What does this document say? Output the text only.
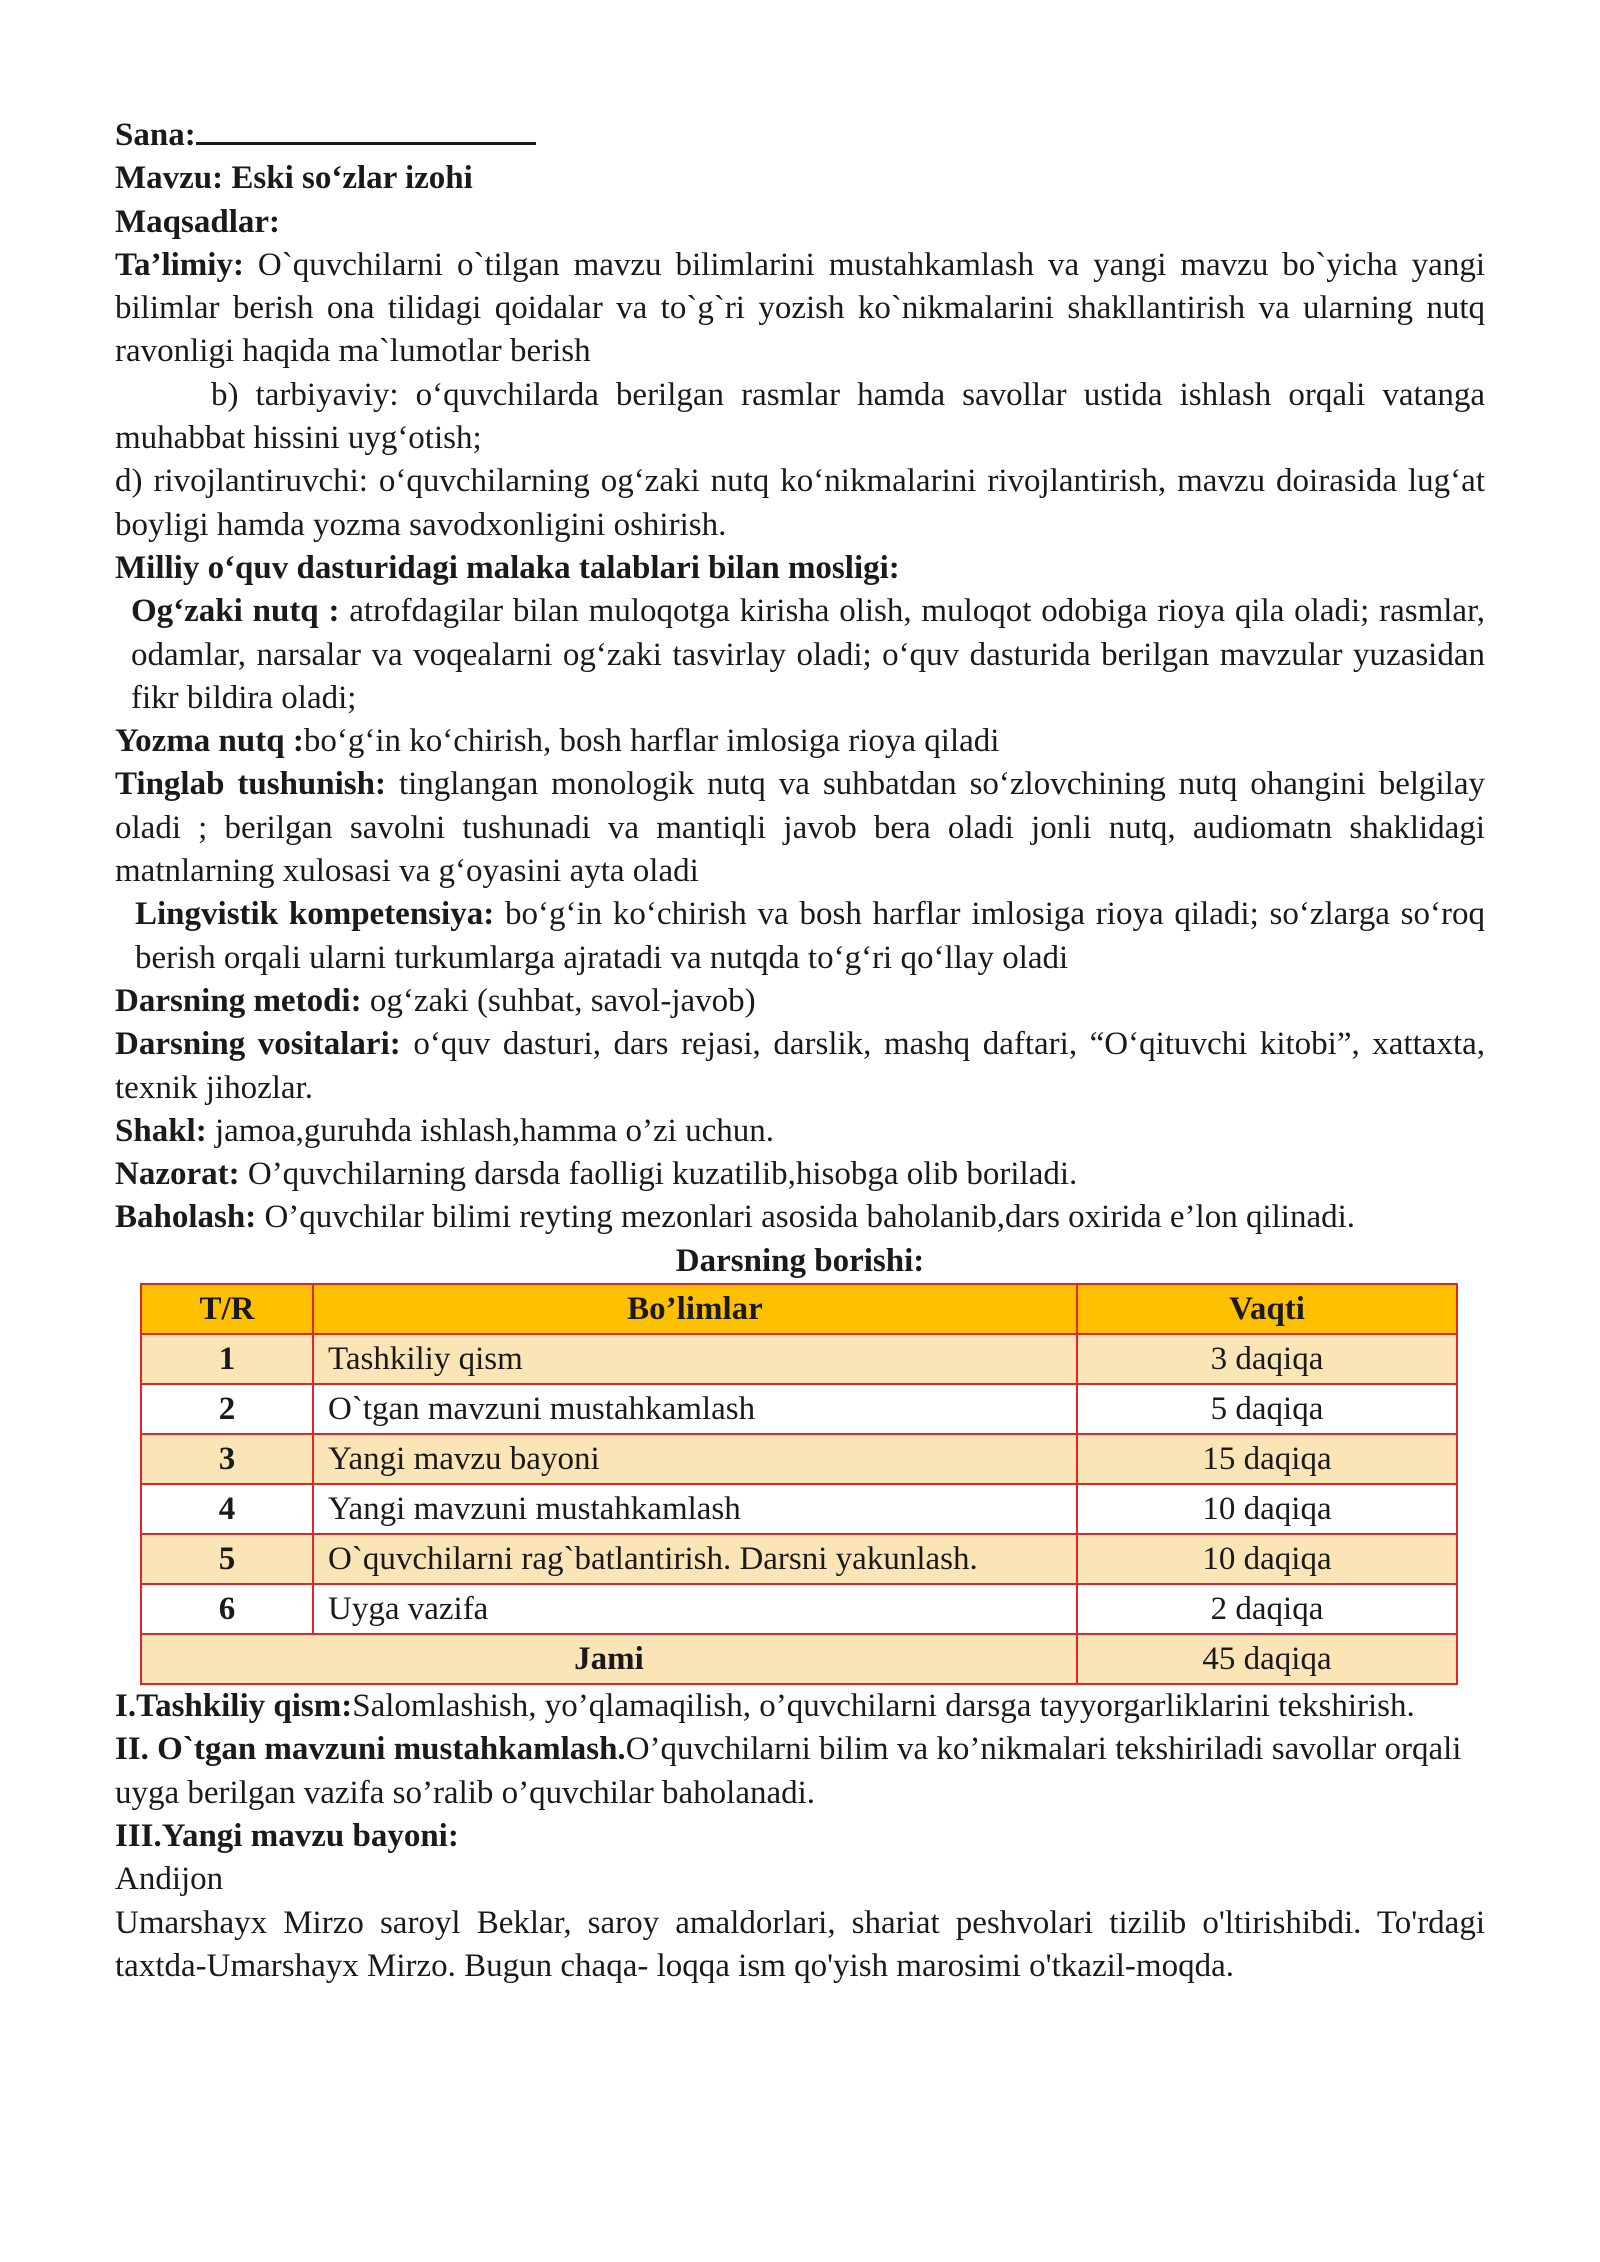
Sana:

Mavzu: Eski so‘zlar izohi

Maqsadlar:

Ta’limiy: O`quvchilarni o`tilgan mavzu bilimlarini mustahkamlash va yangi mavzu bo`yicha yangi bilimlar berish ona tilidagi qoidalar va to`g`ri yozish ko`nikmalarini shakllantirish va ularning nutq ravonligi haqida ma`lumotlar berish

b) tarbiyaviy: o‘quvchilarda berilgan rasmlar hamda savollar ustida ishlash orqali vatanga muhabbat hissini uyg‘otish;

d) rivojlantiruvchi: o‘quvchilarning og‘zaki nutq ko‘nikmalarini rivojlantirish, mavzu doirasida lug‘at boyligi hamda yozma savodxonligini oshirish.

Milliy o‘quv dasturidagi malaka talablari bilan mosligi:

Og‘zaki nutq : atrofdagilar bilan muloqotga kirisha olish, muloqot odobiga rioya qila oladi; rasmlar, odamlar, narsalar va voqealarni og‘zaki tasvirlay oladi; o‘quv dasturida berilgan mavzular yuzasidan fikr bildira oladi;

Yozma nutq :bo‘g‘in ko‘chirish, bosh harflar imlosiga rioya qiladi

Tinglab tushunish: tinglangan monologik nutq va suhbatdan so‘zlovchining nutq ohangini belgilay oladi ; berilgan savolni tushunadi va mantiqli javob bera oladi jonli nutq, audiomatn shaklidagi matnlarning xulosasi va g‘oyasini ayta oladi

Lingvistik kompetensiya: bo‘g‘in ko‘chirish va bosh harflar imlosiga rioya qiladi; so‘zlarga so‘roq berish orqali ularni turkumlarga ajratadi va nutqda to‘g‘ri qo‘llay oladi

Darsning metodi: og‘zaki (suhbat, savol-javob)

Darsning vositalari: o‘quv dasturi, dars rejasi, darslik, mashq daftari, “O‘qituvchi kitobi”, xattaxta, texnik jihozlar.

Shakl: jamoa,guruhda ishlash,hamma o’zi uchun.

Nazorat: O’quvchilarning darsda faolligi kuzatilib,hisobga olib boriladi.

Baholash: O’quvchilar bilimi reyting mezonlari asosida baholanib,dars oxirida e’lon qilinadi.

Darsning borishi:

T/R	Bo’limlar	Vaqti
1	Tashkiliy qism	3 daqiqa
2	O`tgan mavzuni mustahkamlash	5 daqiqa
3	Yangi mavzu bayoni	15 daqiqa
4	Yangi mavzuni mustahkamlash	10 daqiqa
5	O`quvchilarni rag`batlantirish. Darsni yakunlash.	10 daqiqa
6	Uyga vazifa	2 daqiqa
Jami		45 daqiqa

I.Tashkiliy qism:Salomlashish, yo’qlamaqilish, o’quvchilarni darsga tayyorgarliklarini tekshirish.

II. O`tgan mavzuni mustahkamlash.O’quvchilarni bilim va ko’nikmalari tekshiriladi savollar orqali uyga berilgan vazifa so’ralib o’quvchilar baholanadi.

III.Yangi mavzu bayoni:

Andijon

Umarshayx Mirzo saroyl Beklar, saroy amaldorlari, shariat peshvolari tizilib o'ltirishibdi. To'rdagi taxtda-Umarshayx Mirzo. Bugun chaqa- loqqa ism qo'yish marosimi o'tkazil-moqda.
